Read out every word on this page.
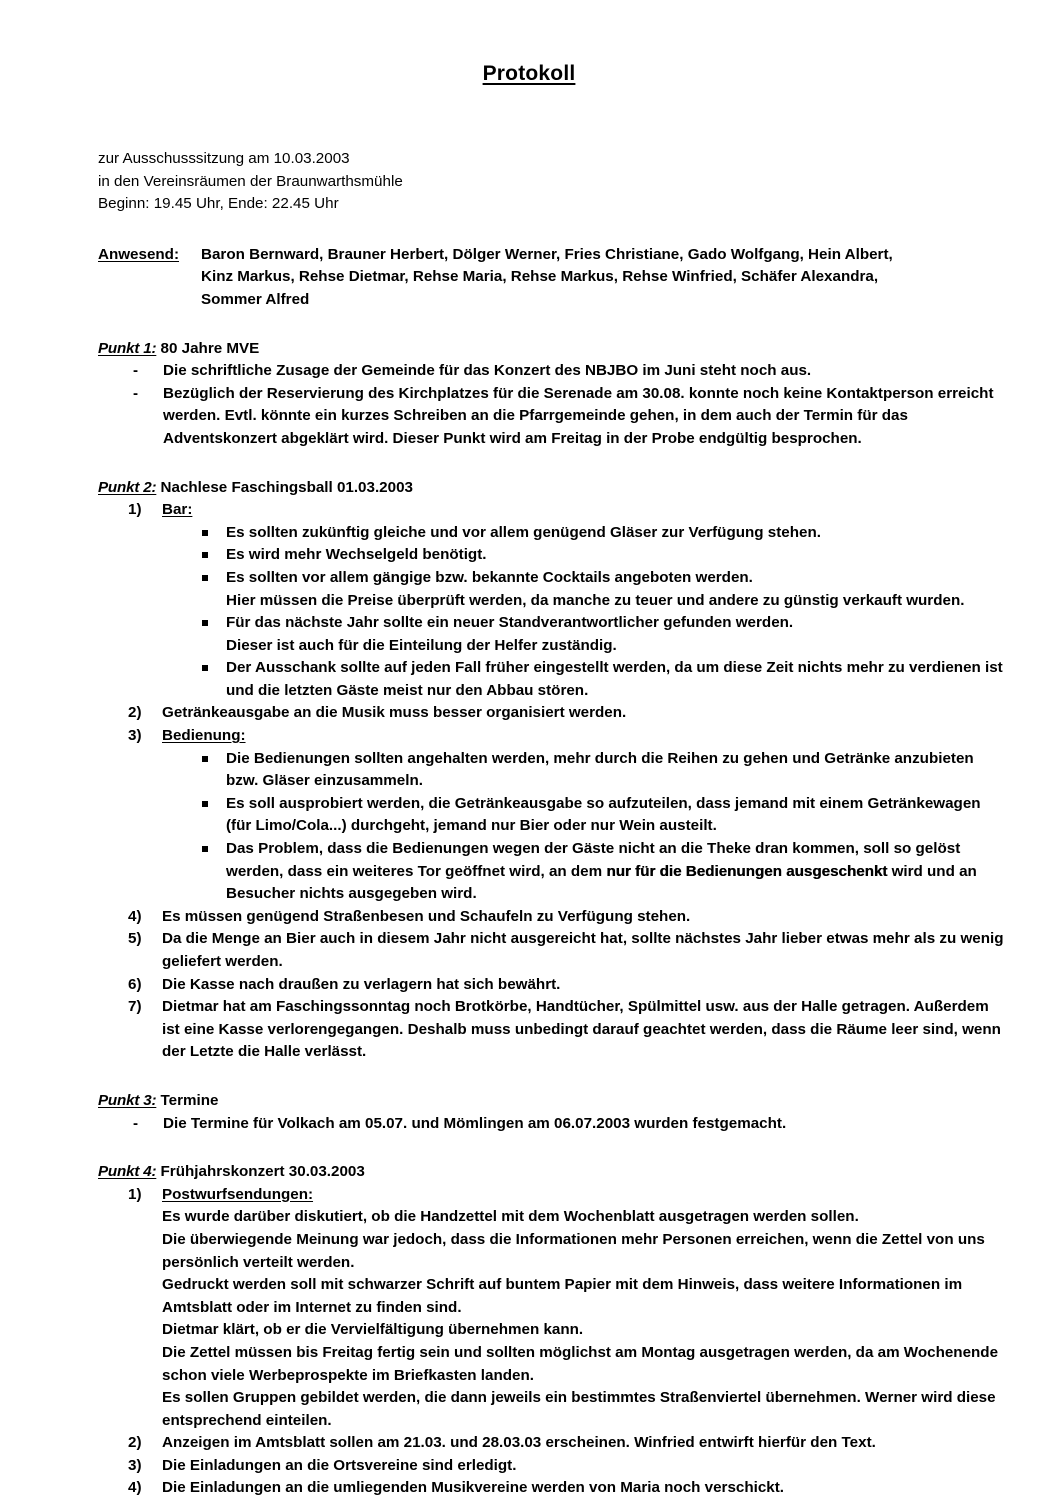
Protokoll
zur Ausschusssitzung am 10.03.2003
in den Vereinsräumen der Braunwarthsmühle
Beginn: 19.45 Uhr, Ende: 22.45 Uhr
Anwesend: Baron Bernward, Brauner Herbert, Dölger Werner, Fries Christiane, Gado Wolfgang, Hein Albert,
Kinz Markus, Rehse Dietmar, Rehse Maria, Rehse Markus, Rehse Winfried, Schäfer Alexandra,
Sommer Alfred
Punkt 1: 80 Jahre MVE
- Die schriftliche Zusage der Gemeinde für das Konzert des NBJBO im Juni steht noch aus.
- Bezüglich der Reservierung des Kirchplatzes für die Serenade am 30.08. konnte noch keine Kontaktperson erreicht werden. Evtl. könnte ein kurzes Schreiben an die Pfarrgemeinde gehen, in dem auch der Termin für das Adventskonzert abgeklärt wird. Dieser Punkt wird am Freitag in der Probe endgültig besprochen.
Punkt 2: Nachlese Faschingsball 01.03.2003
1) Bar:
Es sollten zukünftig gleiche und vor allem genügend Gläser zur Verfügung stehen.
Es wird mehr Wechselgeld benötigt.
Es sollten vor allem gängige bzw. bekannte Cocktails angeboten werden.
Hier müssen die Preise überprüft werden, da manche zu teuer und andere zu günstig verkauft wurden.
Für das nächste Jahr sollte ein neuer Standverantwortlicher gefunden werden.
Dieser ist auch für die Einteilung der Helfer zuständig.
Der Ausschank sollte auf jeden Fall früher eingestellt werden, da um diese Zeit nichts mehr zu verdienen ist und die letzten Gäste meist nur den Abbau stören.
2) Getränkeausgabe an die Musik muss besser organisiert werden.
3) Bedienung:
Die Bedienungen sollten angehalten werden, mehr durch die Reihen zu gehen und Getränke anzubieten bzw. Gläser einzusammeln.
Es soll ausprobiert werden, die Getränkeausgabe so aufzuteilen, dass jemand mit einem Getränkewagen (für Limo/Cola...) durchgeht, jemand nur Bier oder nur Wein austeilt.
Das Problem, dass die Bedienungen wegen der Gäste nicht an die Theke dran kommen, soll so gelöst werden, dass ein weiteres Tor geöffnet wird, an dem nur für die Bedienungen ausgeschenkt wird und an Besucher nichts ausgegeben wird.
4) Es müssen genügend Straßenbesen und Schaufeln zu Verfügung stehen.
5) Da die Menge an Bier auch in diesem Jahr nicht ausgereicht hat, sollte nächstes Jahr lieber etwas mehr als zu wenig geliefert werden.
6) Die Kasse nach draußen zu verlagern hat sich bewährt.
7) Dietmar hat am Faschingssonntag noch Brotkörbe, Handtücher, Spülmittel usw. aus der Halle getragen. Außerdem ist eine Kasse verlorengegangen. Deshalb muss unbedingt darauf geachtet werden, dass die Räume leer sind, wenn der Letzte die Halle verlässt.
Punkt 3: Termine
- Die Termine für Volkach am 05.07. und Mömlingen am 06.07.2003 wurden festgemacht.
Punkt 4: Frühjahrskonzert 30.03.2003
1) Postwurfsendungen:
Es wurde darüber diskutiert, ob die Handzettel mit dem Wochenblatt ausgetragen werden sollen.
Die überwiegende Meinung war jedoch, dass die Informationen mehr Personen erreichen, wenn die Zettel von uns persönlich verteilt werden.
Gedruckt werden soll mit schwarzer Schrift auf buntem Papier mit dem Hinweis, dass weitere Informationen im Amtsblatt oder im Internet zu finden sind.
Dietmar klärt, ob er die Vervielfältigung übernehmen kann.
Die Zettel müssen bis Freitag fertig sein und sollten möglichst am Montag ausgetragen werden, da am Wochenende schon viele Werbeprospekte im Briefkasten landen.
Es sollen Gruppen gebildet werden, die dann jeweils ein bestimmtes Straßenviertel übernehmen. Werner wird diese entsprechend einteilen.
2) Anzeigen im Amtsblatt sollen am 21.03. und 28.03.03 erscheinen. Winfried entwirft hierfür den Text.
3) Die Einladungen an die Ortsvereine sind erledigt.
4) Die Einladungen an die umliegenden Musikvereine werden von Maria noch verschickt.
